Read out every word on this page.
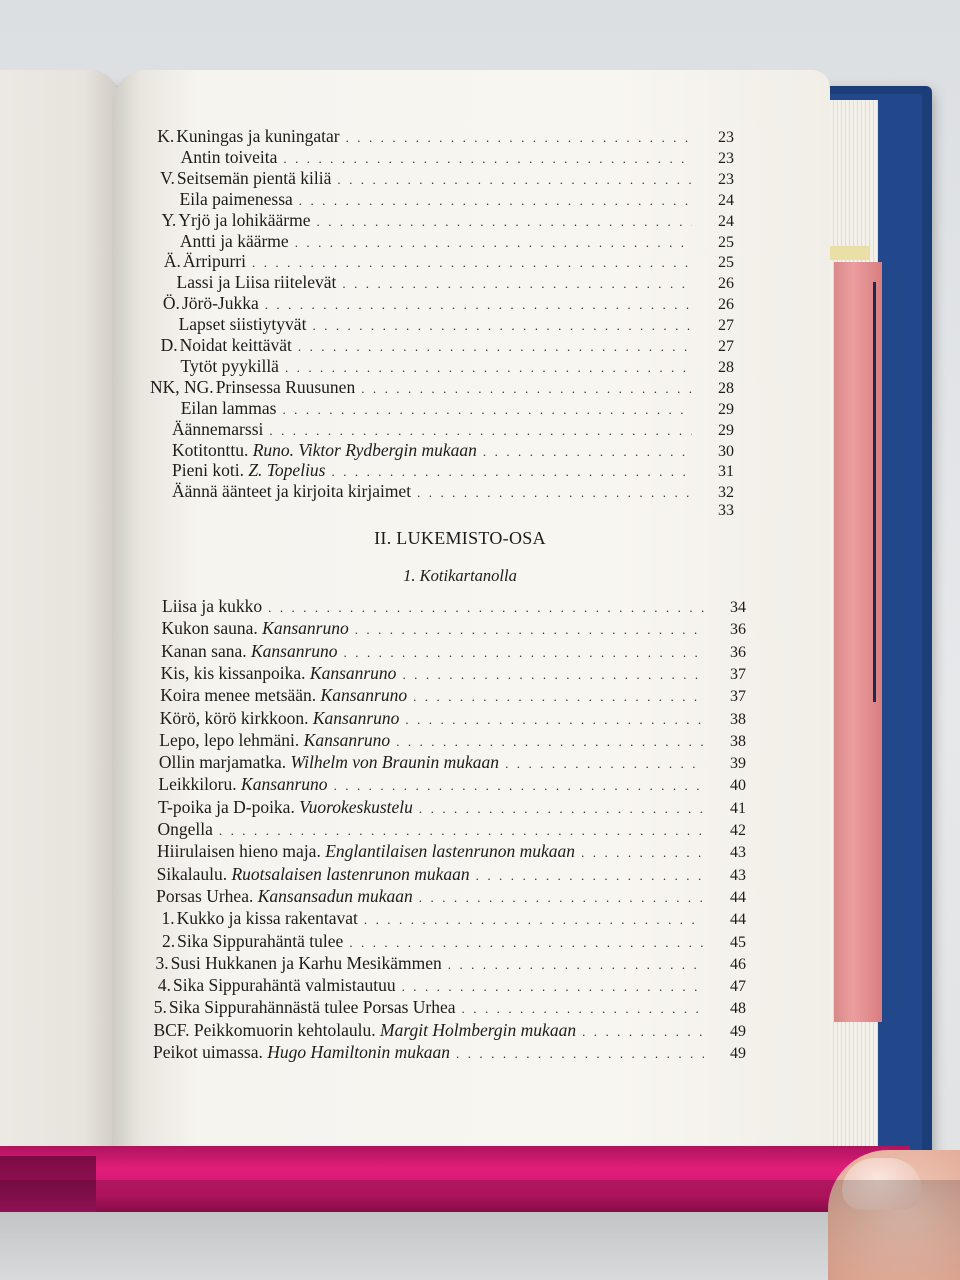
II. LUKEMISTO-OSA
1. Kotikartanolla
K. Kuningas ja kuningatar . . .	23
Antin toiveita . . .	23
V. Seitsemän pientä kiliä . . .	23
Eila paimenessa . . .	24
Y. Yrjö ja lohikäärme . . .	24
Antti ja käärme . . .	25
Ä. Ärripurri . . .	25
Lassi ja Liisa riitelevät . . .	26
Ö. Jörö-Jukka . . .	26
Lapset siistiytyvät . . .	27
D. Noidat keittävät . . .	27
Tytöt pyykillä . . .	28
NK, NG. Prinsessa Ruusunen . . .	28
Eilan lammas . . .	29
Äännemarssi . . .	29
Kotitonttu. Runo. Viktor Rydbergin mukaan . . .	30
Pieni koti. Z. Topelius . . .	31
Äännä äänteet ja kirjoita kirjaimet . . .	32
33
Liisa ja kukko . . .	34
Kukon sauna. Kansanruno . . .	36
Kanan sana. Kansanruno . . .	36
Kis, kis kissanpoika. Kansanruno . . .	37
Koira menee metsään. Kansanruno . . .	37
Körö, körö kirkkoon. Kansanruno . . .	38
Lepo, lepo lehmäni. Kansanruno . . .	38
Ollin marjamatka. Wilhelm von Braunin mukaan . . .	39
Leikkiloru. Kansanruno . . .	40
T-poika ja D-poika. Vuorokeskustelu . . .	41
Ongella . . .	42
Hiirulaisen hieno maja. Englantilaisen lastenrunon mukaan . . .	43
Sikalaulu. Ruotsalaisen lastenrunon mukaan . . .	43
Porsas Urhea. Kansansadun mukaan . . .	44
1. Kukko ja kissa rakentavat . . .	44
2. Sika Sippurahäntä tulee . . .	45
3. Susi Hukkanen ja Karhu Mesikämmen . . .	46
4. Sika Sippurahäntä valmistautuu . . .	47
5. Sika Sippurahännästä tulee Porsas Urhea . . .	48
BCF. Peikkomuorin kehtolaulu. Margit Holmbergin mukaan . . .	49
Peikot uimassa. Hugo Hamiltonin mukaan . . .	49
